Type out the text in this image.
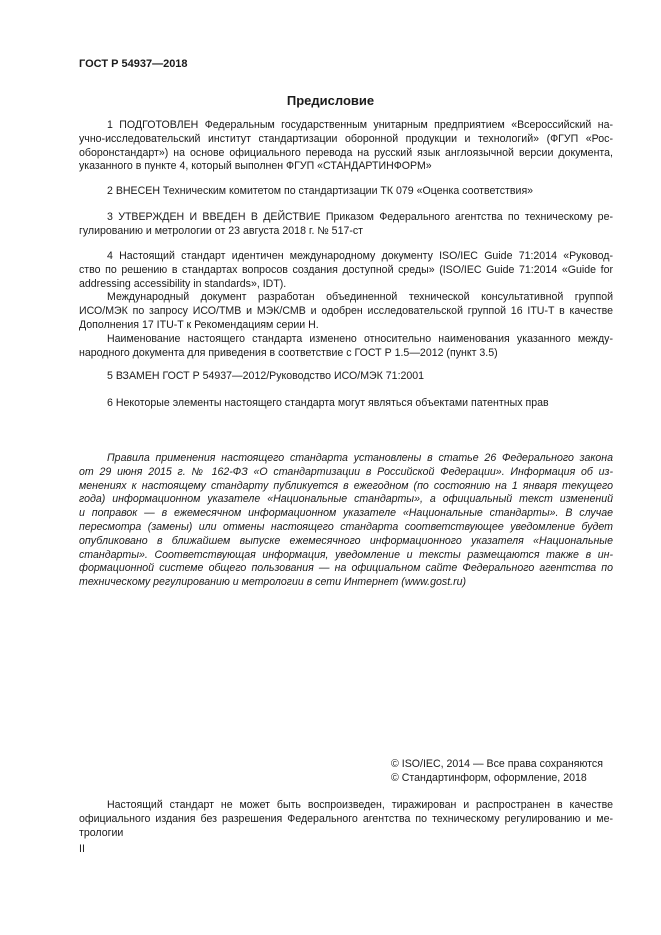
ГОСТ Р 54937—2018
Предисловие
1 ПОДГОТОВЛЕН Федеральным государственным унитарным предприятием «Всероссийский на-
учно-исследовательский институт стандартизации оборонной продукции и технологий» (ФГУП «Рос-
оборонстандарт») на основе официального перевода на русский язык англоязычной версии документа,
указанного в пункте 4, который выполнен ФГУП «СТАНДАРТИНФОРМ»
2 ВНЕСЕН Техническим комитетом по стандартизации ТК 079 «Оценка соответствия»
3 УТВЕРЖДЕН И ВВЕДЕН В ДЕЙСТВИЕ Приказом Федерального агентства по техническому ре-
гулированию и метрологии от 23 августа 2018 г. № 517-ст
4 Настоящий стандарт идентичен международному документу ISO/IEC Guide 71:2014 «Руковод-
ство по решению в стандартах вопросов создания доступной среды» (ISO/IEC Guide 71:2014 «Guide for
addressing accessibility in standards», IDT).
Международный документ разработан объединенной технической консультативной группой
ИСО/МЭК по запросу ИСО/ТМВ и МЭК/СМВ и одобрен исследовательской группой 16 ITU-T в качестве
Дополнения 17 ITU-T к Рекомендациям серии H.
Наименование настоящего стандарта изменено относительно наименования указанного между-
народного документа для приведения в соответствие с ГОСТ Р 1.5—2012 (пункт 3.5)
5 ВЗАМЕН ГОСТ Р 54937—2012/Руководство ИСО/МЭК 71:2001
6 Некоторые элементы настоящего стандарта могут являться объектами патентных прав
Правила применения настоящего стандарта установлены в статье 26 Федерального закона
от 29 июня 2015 г. № 162-ФЗ «О стандартизации в Российской Федерации». Информация об из-
менениях к настоящему стандарту публикуется в ежегодном (по состоянию на 1 января текущего
года) информационном указателе «Национальные стандарты», а официальный текст изменений
и поправок — в ежемесячном информационном указателе «Национальные стандарты». В случае
пересмотра (замены) или отмены настоящего стандарта соответствующее уведомление будет
опубликовано в ближайшем выпуске ежемесячного информационного указателя «Национальные
стандарты». Соответствующая информация, уведомление и тексты размещаются также в ин-
формационной системе общего пользования — на официальном сайте Федерального агентства по
техническому регулированию и метрологии в сети Интернет (www.gost.ru)
© ISO/IEC, 2014 — Все права сохраняются
© Стандартинформ, оформление, 2018
Настоящий стандарт не может быть воспроизведен, тиражирован и распространен в качестве
официального издания без разрешения Федерального агентства по техническому регулированию и ме-
трологии
II
